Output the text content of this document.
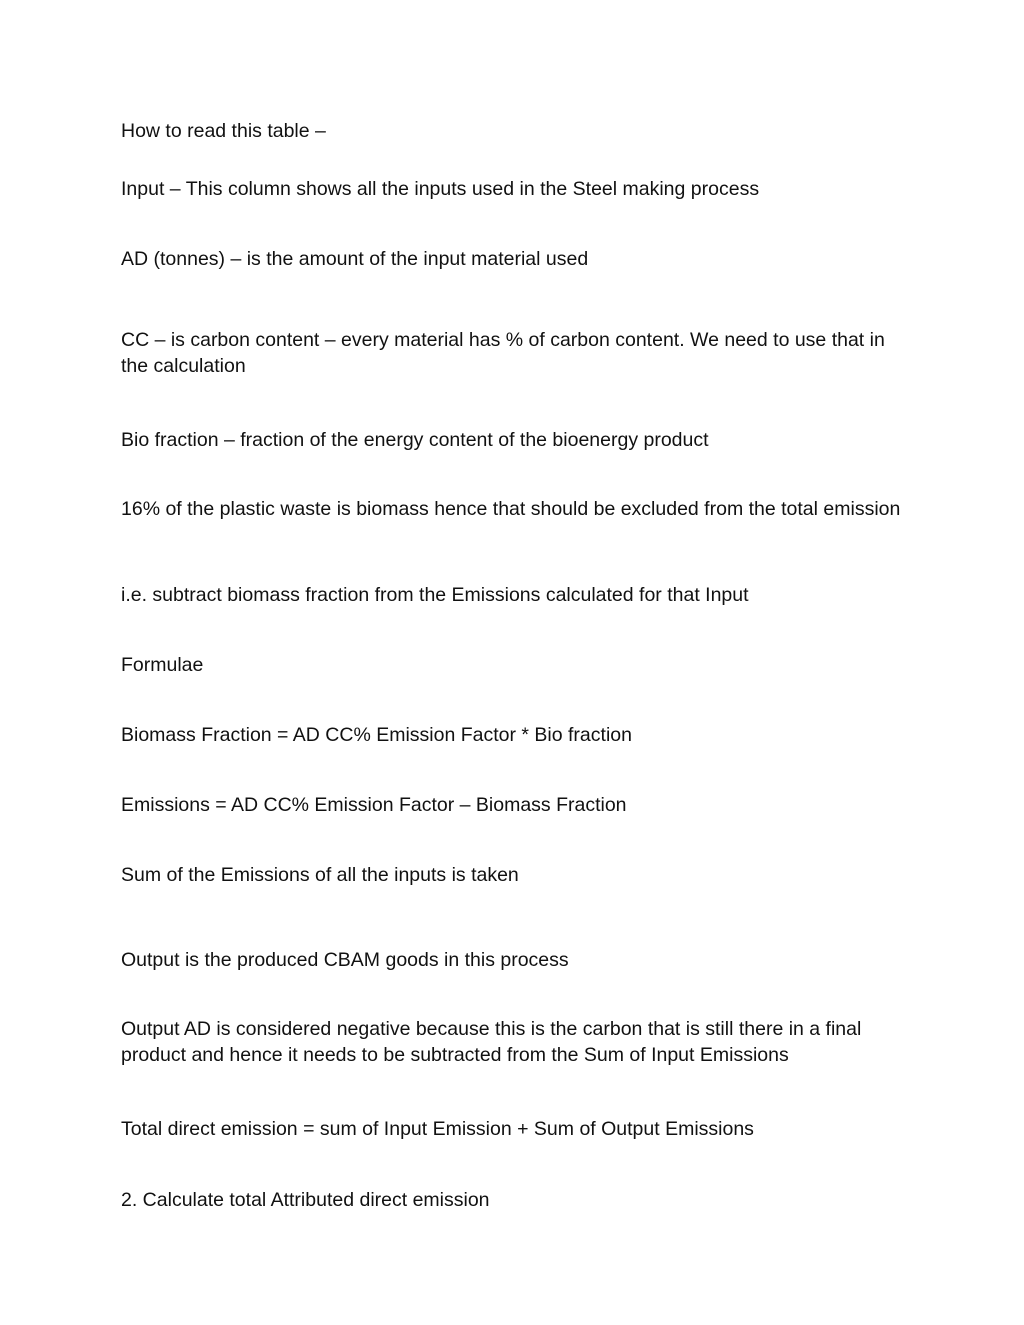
How to read this table –

Input – This column shows all the inputs used in the Steel making process

AD (tonnes) – is the amount of the input material used

CC – is carbon content – every material has % of carbon content. We need to use that in the calculation

Bio fraction – fraction of the energy content of the bioenergy product

16% of the plastic waste is biomass hence that should be excluded from the total emission

i.e. subtract biomass fraction from the Emissions calculated for that Input

Formulae

Biomass Fraction = AD CC% Emission Factor * Bio fraction

Emissions = AD CC% Emission Factor – Biomass Fraction

Sum of the Emissions of all the inputs is taken

Output is the produced CBAM goods in this process

Output AD is considered negative because this is the carbon that is still there in a final product and hence it needs to be subtracted from the Sum of Input Emissions

Total direct emission = sum of Input Emission + Sum of Output Emissions

2. Calculate total Attributed direct emission
